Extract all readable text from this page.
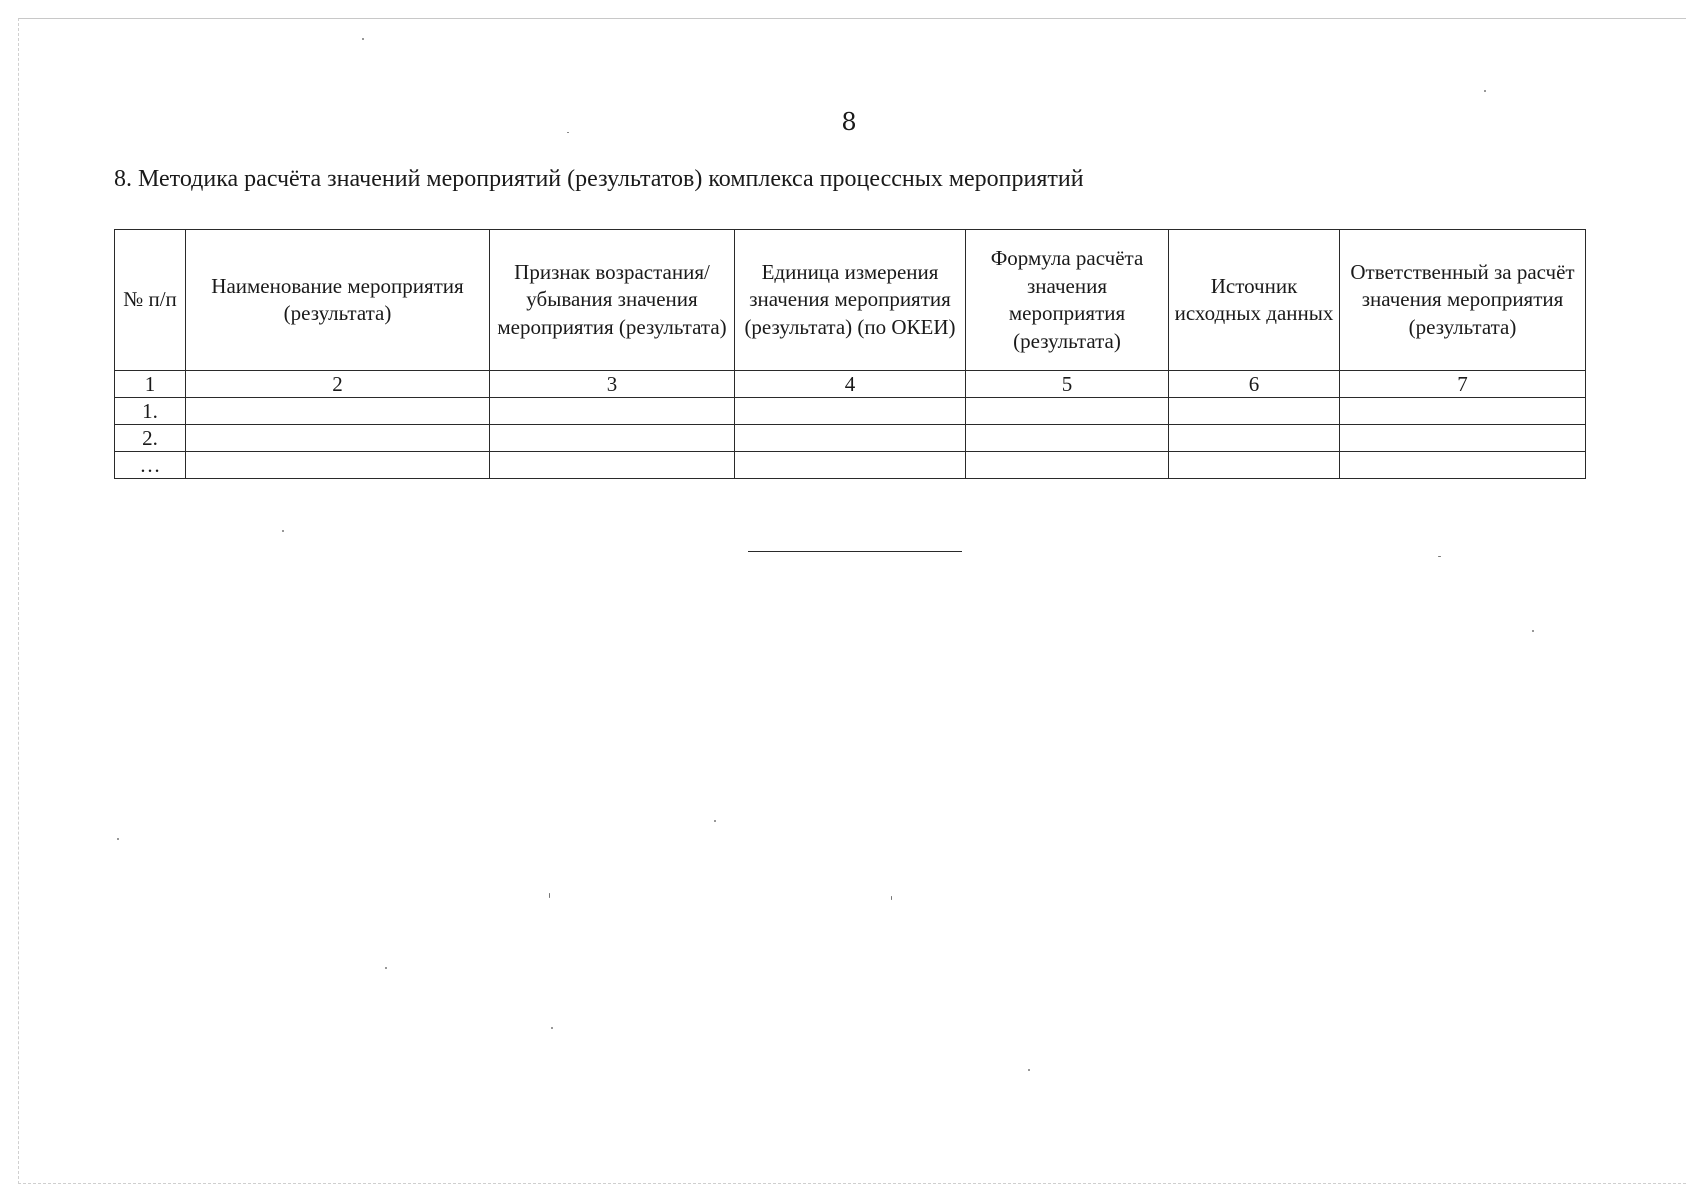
8
8. Методика расчёта значений мероприятий (результатов) комплекса процессных мероприятий
№ п/п	Наименование мероприятия (результата)	Признак возрастания/ убывания значения мероприятия (результата)	Единица измерения значения мероприятия (результата) (по ОКЕИ)	Формула расчёта значения мероприятия (результата)	Источник исходных данных	Ответственный за расчёт значения мероприятия (результата)
1	2	3	4	5	6	7
1.						
2.						
…						
